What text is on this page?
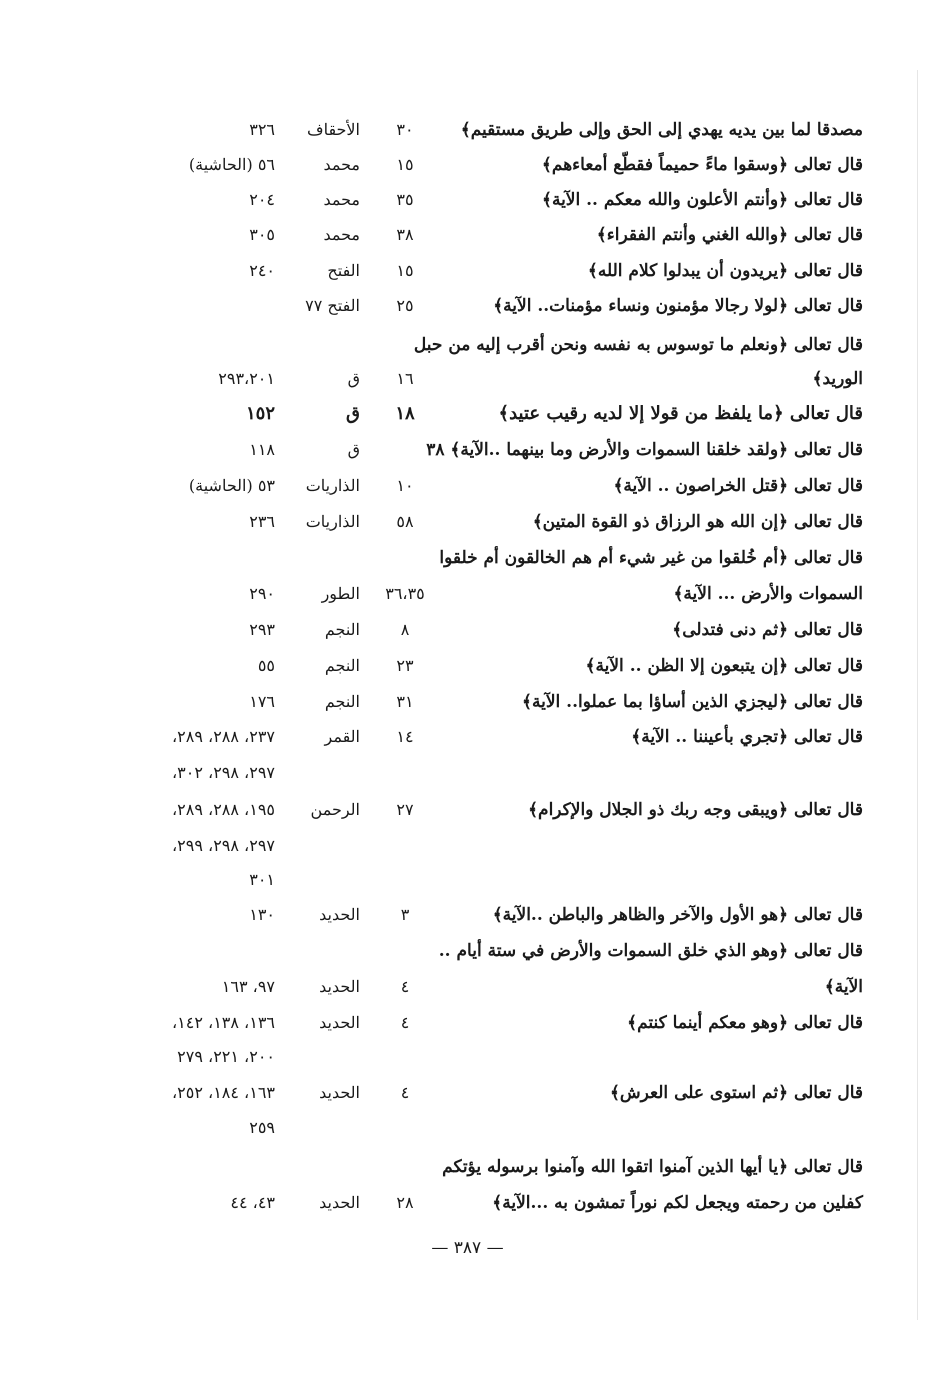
مصدقا لما بين يديه يهدي إلى الحق وإلى طريق مستقيم﴾
٣٠
الأحقاف
٣٢٦
قال تعالى ﴿وسقوا ماءً حميماً فقطّع أمعاءهم﴾
١٥
محمد
٥٦ (الحاشية)
قال تعالى ﴿وأنتم الأعلون والله معكم .. الآية﴾
٣٥
محمد
٢٠٤
قال تعالى ﴿والله الغني وأنتم الفقراء﴾
٣٨
محمد
٣٠٥
قال تعالى ﴿يريدون أن يبدلوا كلام الله﴾
١٥
الفتح
٢٤٠
قال تعالى ﴿لولا رجالا مؤمنون ونساء مؤمنات.. الآية﴾
٢٥
الفتح ٧٧
قال تعالى ﴿ونعلم ما توسوس به نفسه ونحن أقرب إليه من حبل
الوريد﴾
١٦
ق
٢٩٣،٢٠١
قال تعالى ﴿ما يلفظ من قولا إلا لديه رقيب عتيد﴾
١٨
ق
١٥٢
قال تعالى ﴿ولقد خلقنا السموات والأرض وما بينهما ..الآية﴾ ٣٨
ق
١١٨
قال تعالى ﴿قتل الخراصون .. الآية﴾
١٠
الذاريات
٥٣ (الحاشية)
قال تعالى ﴿إن الله هو الرزاق ذو القوة المتين﴾
٥٨
الذاريات
٢٣٦
قال تعالى ﴿أم خُلقوا من غير شيء أم هم الخالقون أم خلقوا
السموات والأرض ... الآية﴾
٣٦،٣٥
الطور
٢٩٠
قال تعالى ﴿ثم دنى فتدلى﴾
٨
النجم
٢٩٣
قال تعالى ﴿إن يتبعون إلا الظن .. الآية﴾
٢٣
النجم
٥٥
قال تعالى ﴿ليجزي الذين أساؤا بما عملوا.. الآية﴾
٣١
النجم
١٧٦
قال تعالى ﴿تجري بأعيننا .. الآية﴾
١٤
القمر
٢٣٧، ٢٨٨، ٢٨٩،
٢٩٧، ٢٩٨، ٣٠٢،
قال تعالى ﴿ويبقى وجه ربك ذو الجلال والإكرام﴾
٢٧
الرحمن
١٩٥، ٢٨٨، ٢٨٩،
٢٩٧، ٢٩٨، ٢٩٩،
٣٠١
قال تعالى ﴿هو الأول والآخر والظاهر والباطن ..الآية﴾
٣
الحديد
١٣٠
قال تعالى ﴿وهو الذي خلق السموات والأرض في ستة أيام ..
الآية﴾
٤
الحديد
٩٧، ١٦٣
قال تعالى ﴿وهو معكم أينما كنتم﴾
٤
الحديد
١٣٦، ١٣٨، ١٤٢،
٢٠٠، ٢٢١، ٢٧٩
قال تعالى ﴿ثم استوى على العرش﴾
٤
الحديد
١٦٣، ١٨٤، ٢٥٢،
٢٥٩
قال تعالى ﴿يا أيها الذين آمنوا اتقوا الله وآمنوا برسوله يؤتكم
كفلين من رحمته ويجعل لكم نوراً تمشون به ...الآية﴾
٢٨
الحديد
٤٣، ٤٤
— ٣٨٧ —
